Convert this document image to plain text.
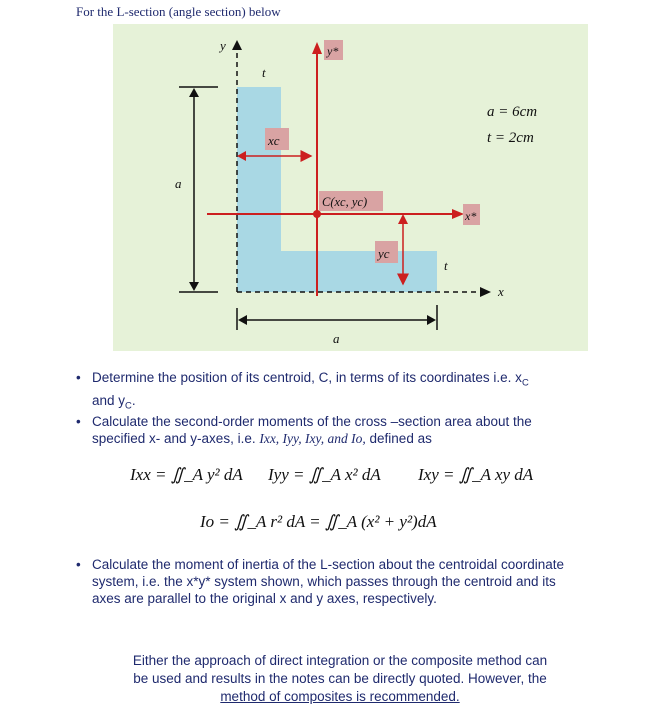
For the L-section (angle section) below
y	y*
t
xc
a
C(xc, yc)
x*
yc
t
x
a
a = 6cm
t = 2cm
• Determine the position of its centroid, C, in terms of its coordinates i.e. $x_C$
and $y_C$.
• Calculate the second-order moments of the cross –section area about the
specified x- and y-axes, i.e. Ixx, Iyy, Ixy, and Io, defined as
Ixx = ∬_A y² dA Iyy = ∬_A x² dA Ixy = ∬_A xy dA
Io = ∬_A r² dA = ∬_A (x² + y²)dA
• Calculate the moment of inertia of the L-section about the centroidal coordinate
system, i.e. the x*y* system shown, which passes through the centroid and its
axes are parallel to the original x and y axes, respectively.
Either the approach of direct integration or the composite method can
be used and results in the notes can be directly quoted. However, the
method of composites is recommended.
